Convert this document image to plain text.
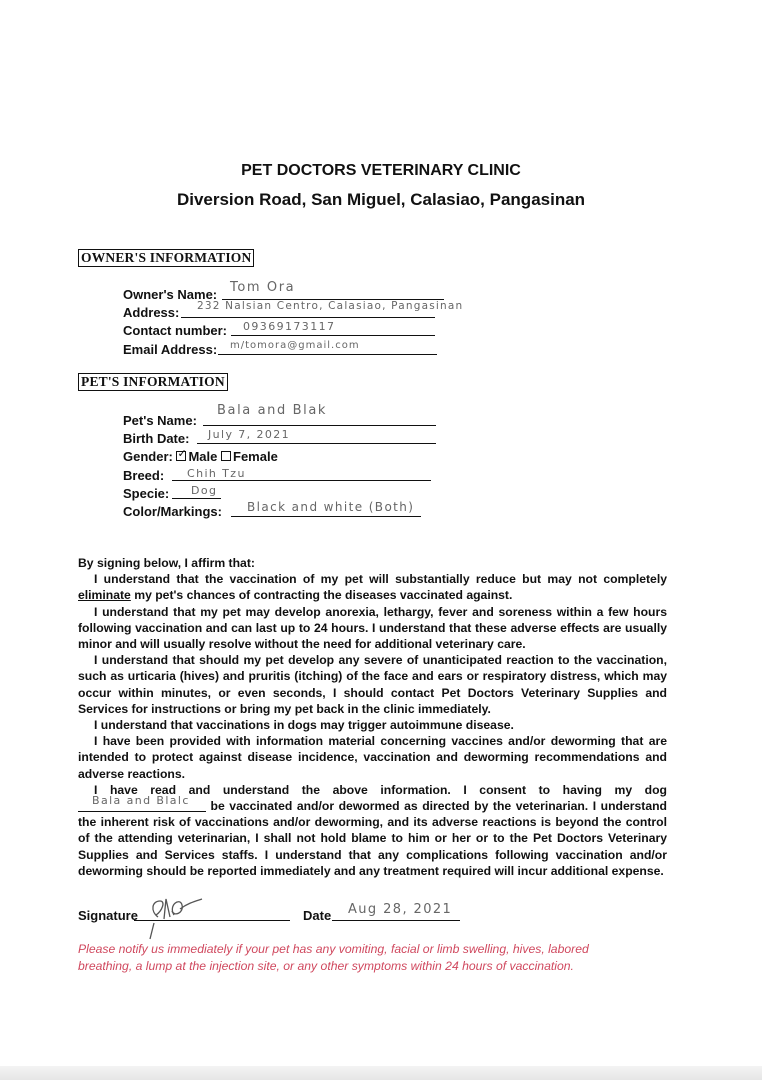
PET DOCTORS VETERINARY CLINIC
Diversion Road, San Miguel, Calasiao, Pangasinan
OWNER'S INFORMATION
Owner's Name: Tom Ora
Address: 232 Nalsian Centro, Calasiao, Pangasinan
Contact number: 09369173117
Email Address: m/tomora@gmail.com
PET'S INFORMATION
Pet's Name:
Bala and Blak
Birth Date: July 7, 2021
Gender: ✓ Male Female
Breed: Chih Tzu
Specie: Dog
Color/Markings: Black and white (Both)

By signing below, I affirm that:

I understand that the vaccination of my pet will substantially reduce but may not completely eliminate my pet's chances of contracting the diseases vaccinated against.

I understand that my pet may develop anorexia, lethargy, fever and soreness within a few hours following vaccination and can last up to 24 hours. I understand that these adverse effects are usually minor and will usually resolve without the need for additional veterinary care.

I understand that should my pet develop any severe of unanticipated reaction to the vaccination, such as urticaria (hives) and pruritis (itching) of the face and ears or respiratory distress, which may occur within minutes, or even seconds, I should contact Pet Doctors Veterinary Supplies and Services for instructions or bring my pet back in the clinic immediately.

I understand that vaccinations in dogs may trigger autoimmune disease.

I have been provided with information material concerning vaccines and/or deworming that are intended to protect against disease incidence, vaccination and deworming recommendations and adverse reactions.

I have read and understand the above information. I consent to having my dog
Bala and Blalc be vaccinated and/or dewormed as directed by the veterinarian. I understand the inherent risk of vaccinations and/or deworming, and its adverse reactions is beyond the control of the attending veterinarian, I shall not hold blame to him or her or to the Pet Doctors Veterinary Supplies and Services staffs. I understand that any complications following vaccination and/or deworming should be reported immediately and any treatment required will incur additional expense.

Signature	Date Aug 28, 2021
Please notify us immediately if your pet has any vomiting, facial or limb swelling, hives, labored breathing, a lump at the injection site, or any other symptoms within 24 hours of vaccination.
